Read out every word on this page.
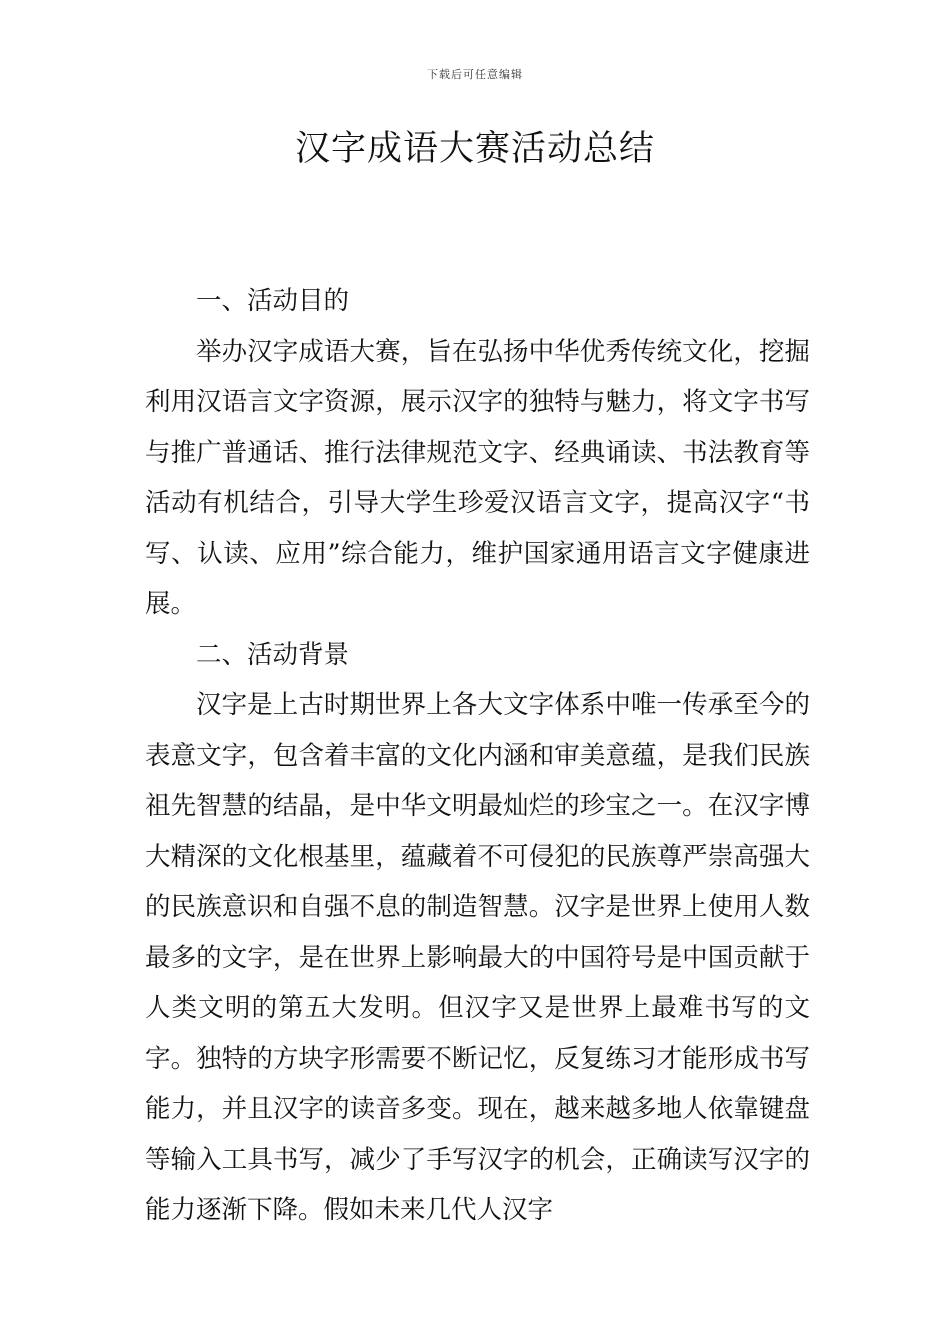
下载后可任意编辑
汉字成语大赛活动总结

一、活动目的

举办汉字成语大赛，旨在弘扬中华优秀传统文化，挖掘利用汉语言文字资源，展示汉字的独特与魅力，将文字书写与推广普通话、推行法律规范文字、经典诵读、书法教育等活动有机结合，引导大学生珍爱汉语言文字，提高汉字“书写、认读、应用”综合能力，维护国家通用语言文字健康进展。

二、活动背景

汉字是上古时期世界上各大文字体系中唯一传承至今的表意文字，包含着丰富的文化内涵和审美意蕴，是我们民族祖先智慧的结晶，是中华文明最灿烂的珍宝之一。在汉字博大精深的文化根基里，蕴藏着不可侵犯的民族尊严崇高强大的民族意识和自强不息的制造智慧。汉字是世界上使用人数最多的文字，是在世界上影响最大的中国符号是中国贡献于人类文明的第五大发明。但汉字又是世界上最难书写的文字。独特的方块字形需要不断记忆，反复练习才能形成书写能力，并且汉字的读音多变。现在，越来越多地人依靠键盘等输入工具书写，减少了手写汉字的机会，正确读写汉字的能力逐渐下降。假如未来几代人汉字
